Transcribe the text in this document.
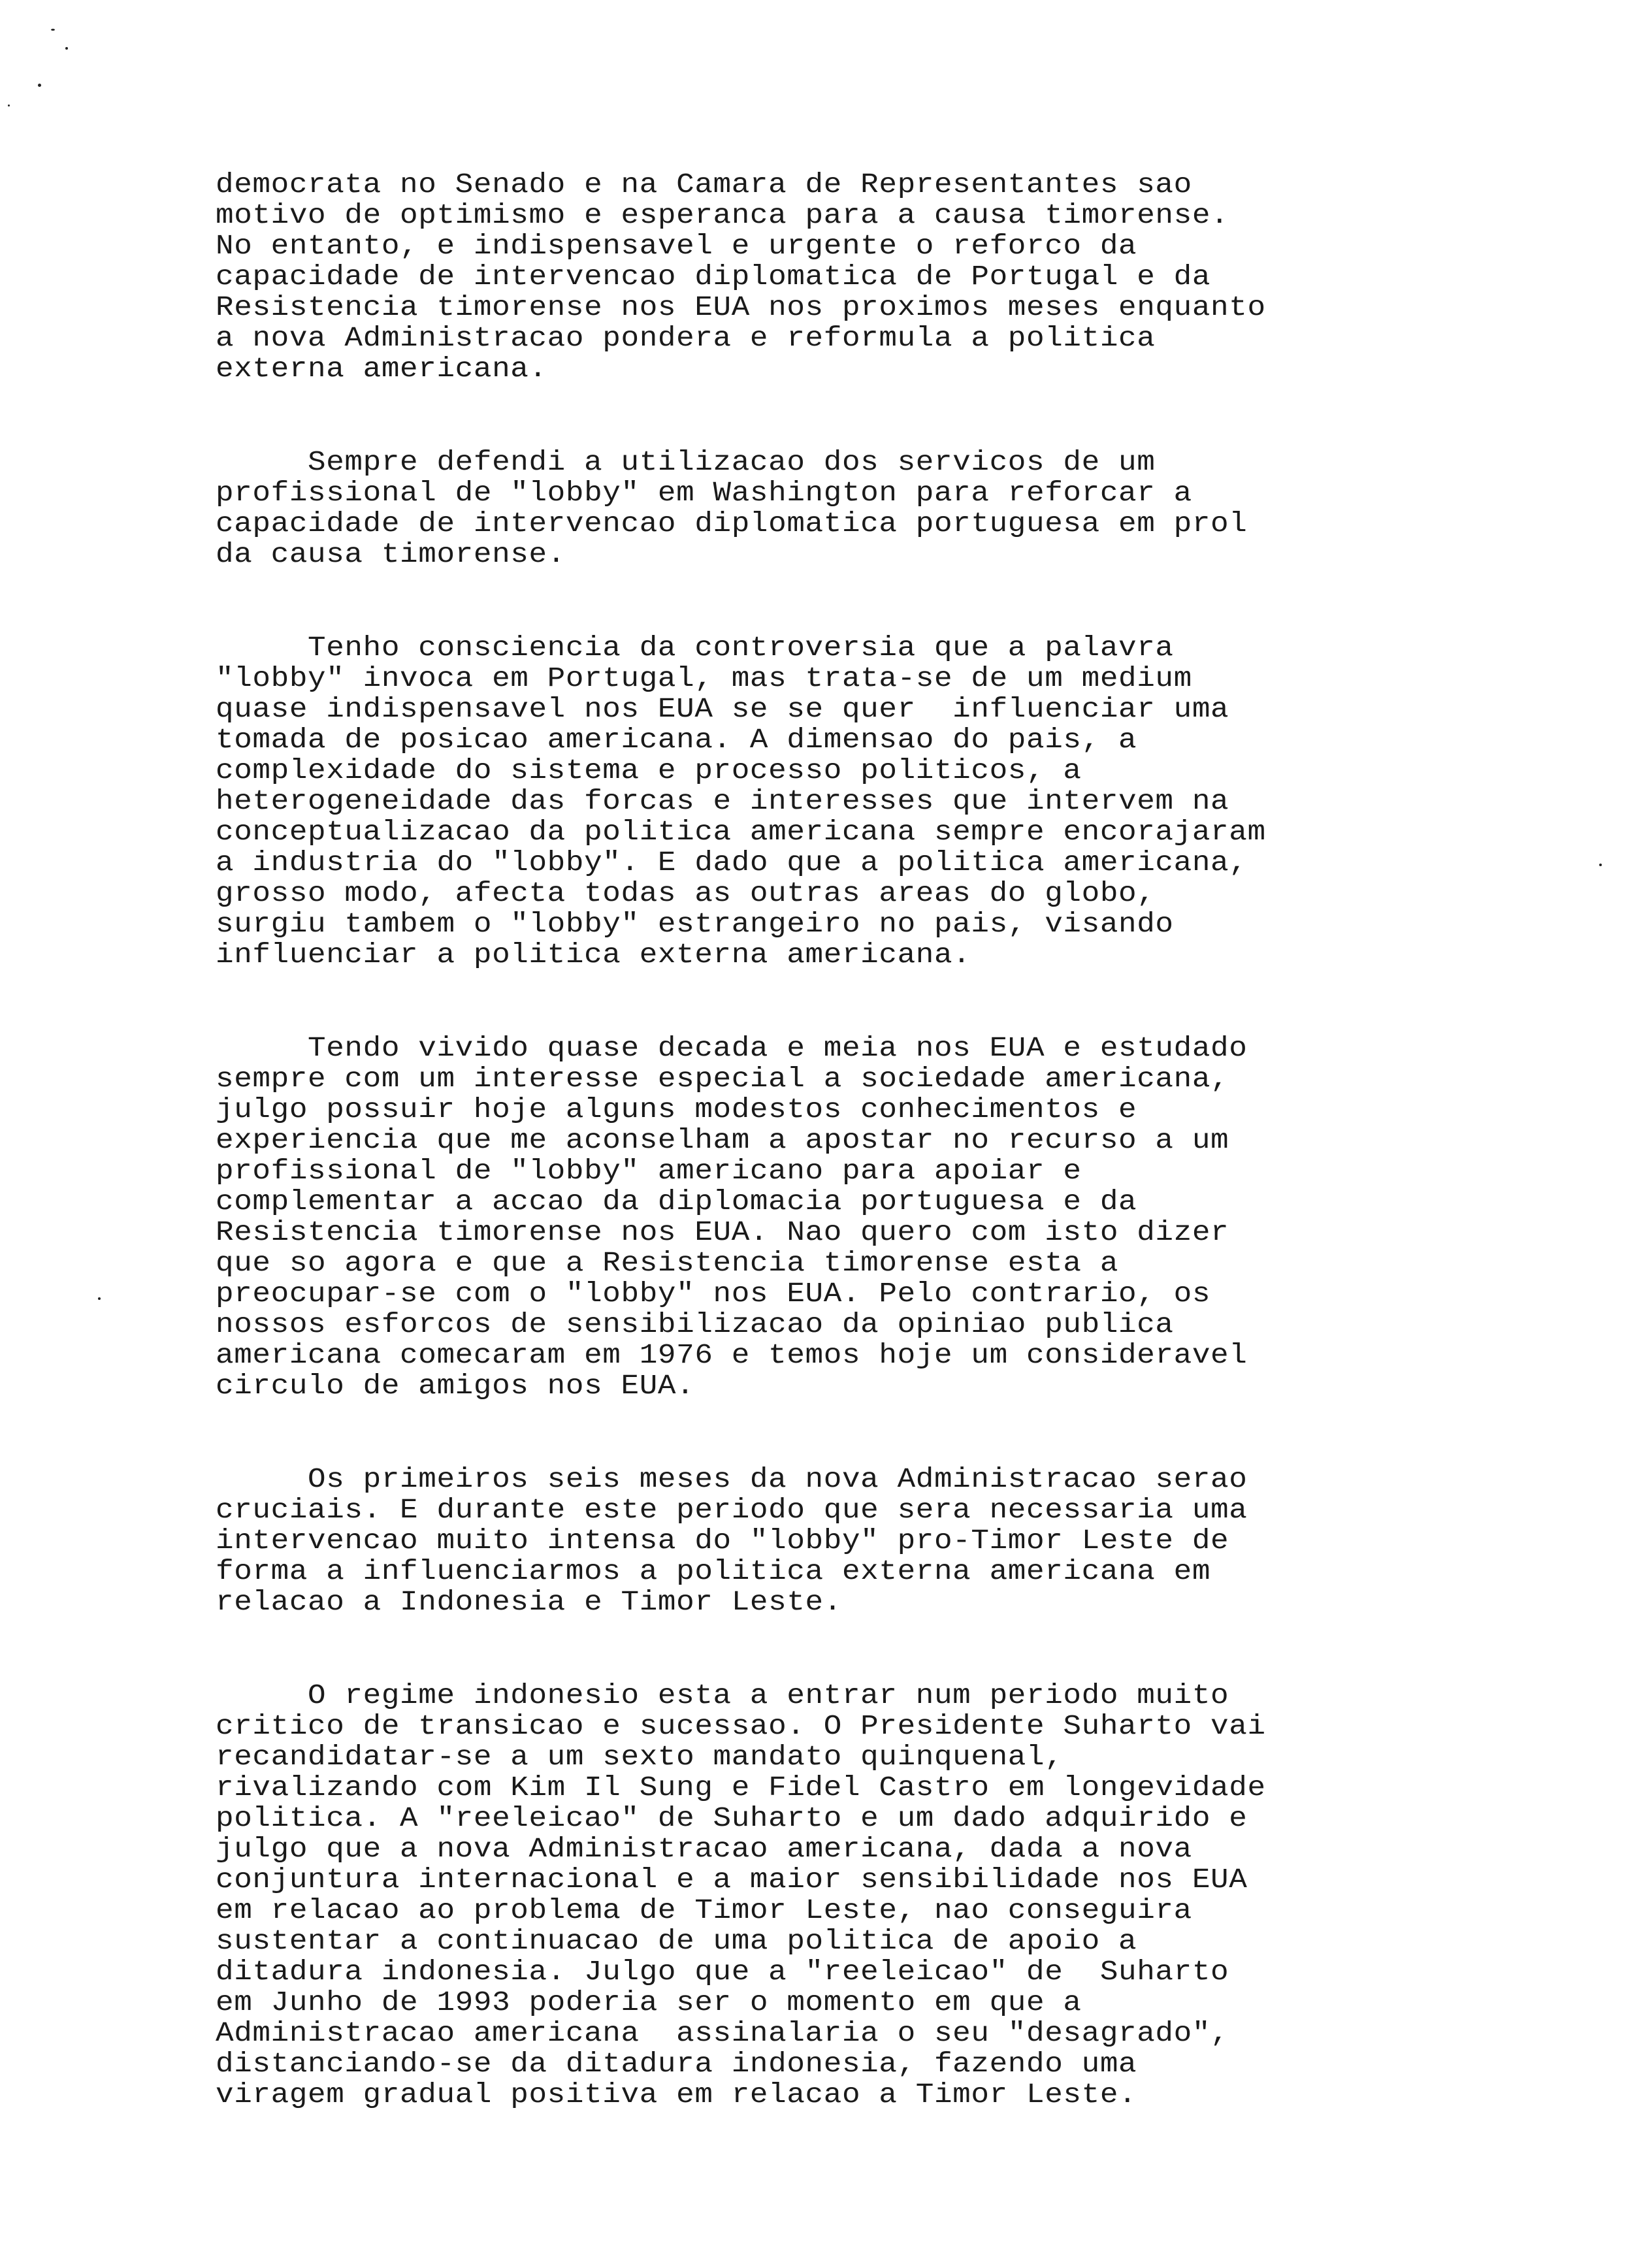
democrata no Senado e na Camara de Representantes sao
motivo de optimismo e esperanca para a causa timorense.
No entanto, e indispensavel e urgente o reforco da
capacidade de intervencao diplomatica de Portugal e da
Resistencia timorense nos EUA nos proximos meses enquanto
a nova Administracao pondera e reformula a politica
externa americana.
Sempre defendi a utilizacao dos servicos de um
profissional de "lobby" em Washington para reforcar a
capacidade de intervencao diplomatica portuguesa em prol
da causa timorense.
Tenho consciencia da controversia que a palavra
"lobby" invoca em Portugal, mas trata-se de um medium
quase indispensavel nos EUA se se quer  influenciar uma
tomada de posicao americana. A dimensao do pais, a
complexidade do sistema e processo politicos, a
heterogeneidade das forcas e interesses que intervem na
conceptualizacao da politica americana sempre encorajaram
a industria do "lobby". E dado que a politica americana,
grosso modo, afecta todas as outras areas do globo,
surgiu tambem o "lobby" estrangeiro no pais, visando
influenciar a politica externa americana.
Tendo vivido quase decada e meia nos EUA e estudado
sempre com um interesse especial a sociedade americana,
julgo possuir hoje alguns modestos conhecimentos e
experiencia que me aconselham a apostar no recurso a um
profissional de "lobby" americano para apoiar e
complementar a accao da diplomacia portuguesa e da
Resistencia timorense nos EUA. Nao quero com isto dizer
que so agora e que a Resistencia timorense esta a
preocupar-se com o "lobby" nos EUA. Pelo contrario, os
nossos esforcos de sensibilizacao da opiniao publica
americana comecaram em 1976 e temos hoje um consideravel
circulo de amigos nos EUA.
Os primeiros seis meses da nova Administracao serao
cruciais. E durante este periodo que sera necessaria uma
intervencao muito intensa do "lobby" pro-Timor Leste de
forma a influenciarmos a politica externa americana em
relacao a Indonesia e Timor Leste.
O regime indonesio esta a entrar num periodo muito
critico de transicao e sucessao. O Presidente Suharto vai
recandidatar-se a um sexto mandato quinquenal,
rivalizando com Kim Il Sung e Fidel Castro em longevidade
politica. A "reeleicao" de Suharto e um dado adquirido e
julgo que a nova Administracao americana, dada a nova
conjuntura internacional e a maior sensibilidade nos EUA
em relacao ao problema de Timor Leste, nao conseguira
sustentar a continuacao de uma politica de apoio a
ditadura indonesia. Julgo que a "reeleicao" de  Suharto
em Junho de 1993 poderia ser o momento em que a
Administracao americana  assinalaria o seu "desagrado",
distanciando-se da ditadura indonesia, fazendo uma
viragem gradual positiva em relacao a Timor Leste.
